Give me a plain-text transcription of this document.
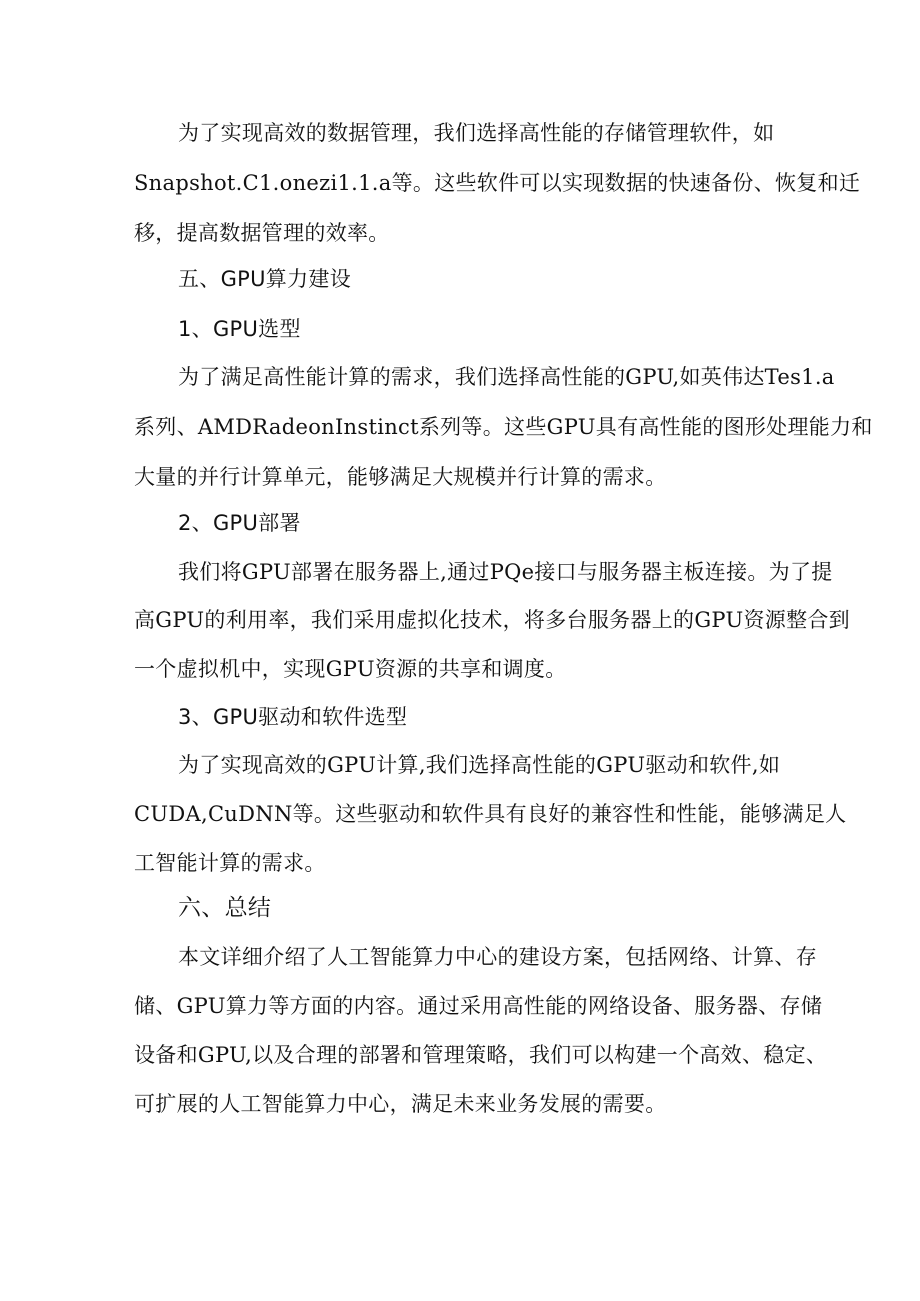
为了实现高效的数据管理，我们选择高性能的存储管理软件，如
Snapshot.C1.onezi1.1.a等。这些软件可以实现数据的快速备份、恢复和迁
移，提高数据管理的效率。
五、GPU算力建设
1、GPU选型
为了满足高性能计算的需求，我们选择高性能的GPU,如英伟达Tes1.a
系列、AMDRadeonInstinct系列等。这些GPU具有高性能的图形处理能力和
大量的并行计算单元，能够满足大规模并行计算的需求。
2、GPU部署
我们将GPU部署在服务器上,通过PQe接口与服务器主板连接。为了提
高GPU的利用率，我们采用虚拟化技术，将多台服务器上的GPU资源整合到
一个虚拟机中，实现GPU资源的共享和调度。
3、GPU驱动和软件选型
为了实现高效的GPU计算,我们选择高性能的GPU驱动和软件,如
CUDA,CuDNN等。这些驱动和软件具有良好的兼容性和性能，能够满足人
工智能计算的需求。
六、总结
本文详细介绍了人工智能算力中心的建设方案，包括网络、计算、存
储、GPU算力等方面的内容。通过采用高性能的网络设备、服务器、存储
设备和GPU,以及合理的部署和管理策略，我们可以构建一个高效、稳定、
可扩展的人工智能算力中心，满足未来业务发展的需要。
